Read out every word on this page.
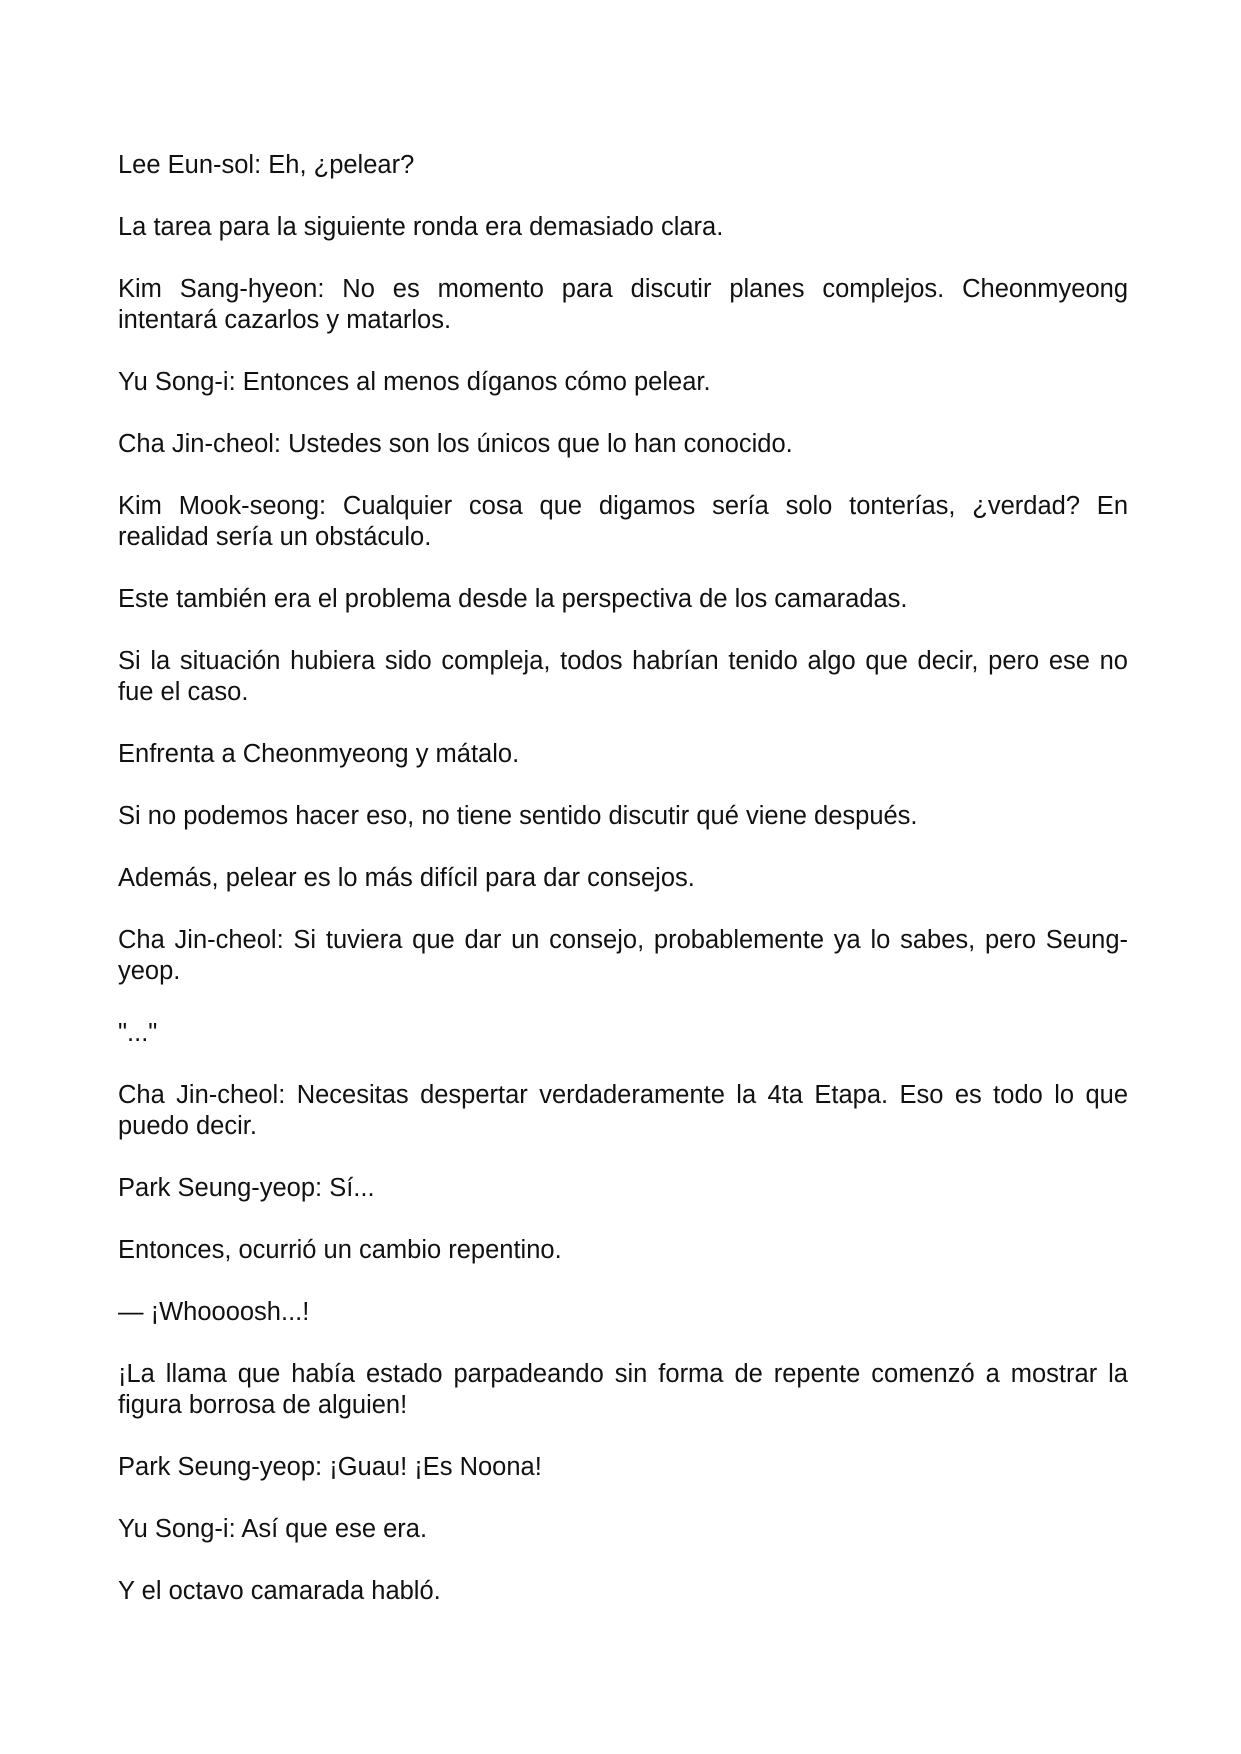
Lee Eun-sol: Eh, ¿pelear?

La tarea para la siguiente ronda era demasiado clara.

Kim Sang-hyeon: No es momento para discutir planes complejos. Cheonmyeong intentará cazarlos y matarlos.

Yu Song-i: Entonces al menos díganos cómo pelear.

Cha Jin-cheol: Ustedes son los únicos que lo han conocido.

Kim Mook-seong: Cualquier cosa que digamos sería solo tonterías, ¿verdad? En realidad sería un obstáculo.

Este también era el problema desde la perspectiva de los camaradas.

Si la situación hubiera sido compleja, todos habrían tenido algo que decir, pero ese no fue el caso.

Enfrenta a Cheonmyeong y mátalo.

Si no podemos hacer eso, no tiene sentido discutir qué viene después.

Además, pelear es lo más difícil para dar consejos.

Cha Jin-cheol: Si tuviera que dar un consejo, probablemente ya lo sabes, pero Seung-yeop.

"..."

Cha Jin-cheol: Necesitas despertar verdaderamente la 4ta Etapa. Eso es todo lo que puedo decir.

Park Seung-yeop: Sí...

Entonces, ocurrió un cambio repentino.

— ¡Whoooosh...!

¡La llama que había estado parpadeando sin forma de repente comenzó a mostrar la figura borrosa de alguien!

Park Seung-yeop: ¡Guau! ¡Es Noona!

Yu Song-i: Así que ese era.

Y el octavo camarada habló.
